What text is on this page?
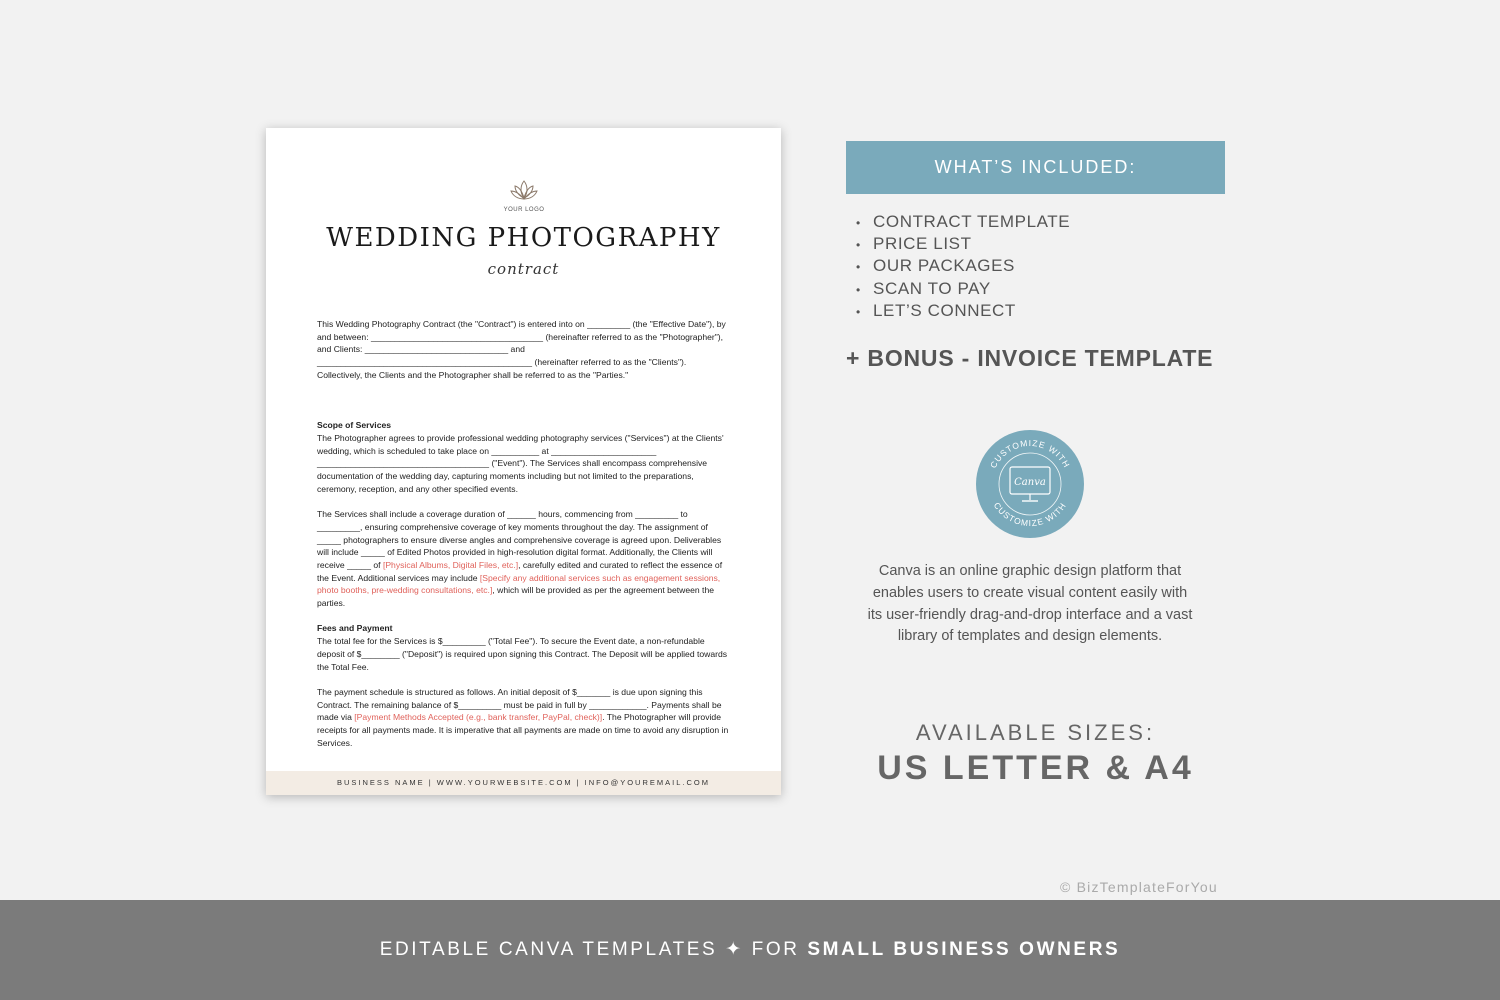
YOUR LOGO
WEDDING PHOTOGRAPHY
contract

This Wedding Photography Contract (the "Contract") is entered into on _________ (the "Effective Date"), by and between: ____________________________________ (hereinafter referred to as the "Photographer"), and Clients: ______________________________ and _____________________________________________ (hereinafter referred to as the "Clients"). Collectively, the Clients and the Photographer shall be referred to as the "Parties."

Scope of Services

The Photographer agrees to provide professional wedding photography services ("Services") at the Clients' wedding, which is scheduled to take place on __________ at ______________________ ____________________________________ ("Event"). The Services shall encompass comprehensive documentation of the wedding day, capturing moments including but not limited to the preparations, ceremony, reception, and any other specified events.

The Services shall include a coverage duration of ______ hours, commencing from _________ to _________, ensuring comprehensive coverage of key moments throughout the day. The assignment of _____ photographers to ensure diverse angles and comprehensive coverage is agreed upon. Deliverables will include _____ of Edited Photos provided in high-resolution digital format. Additionally, the Clients will receive _____ of [Physical Albums, Digital Files, etc.], carefully edited and curated to reflect the essence of the Event. Additional services may include [Specify any additional services such as engagement sessions, photo booths, pre-wedding consultations, etc.], which will be provided as per the agreement between the parties.

Fees and Payment

The total fee for the Services is $_________ ("Total Fee"). To secure the Event date, a non-refundable deposit of $________ ("Deposit") is required upon signing this Contract. The Deposit will be applied towards the Total Fee.

The payment schedule is structured as follows. An initial deposit of $_______ is due upon signing this Contract. The remaining balance of $_________ must be paid in full by ____________. Payments shall be made via [Payment Methods Accepted (e.g., bank transfer, PayPal, check)]. The Photographer will provide receipts for all payments made. It is imperative that all payments are made on time to avoid any disruption in Services.

BUSINESS NAME | WWW.YOURWEBSITE.COM | INFO@YOUREMAIL.COM
WHAT’S INCLUDED:
• CONTRACT TEMPLATE
• PRICE LIST
• OUR PACKAGES
• SCAN TO PAY
• LET’S CONNECT
+ BONUS - INVOICE TEMPLATE
CUSTOMIZE WITH
CUSTOMIZE WITH
Canva
Canva is an online graphic design platform that enables users to create visual content easily with its user-friendly drag-and-drop interface and a vast library of templates and design elements.
AVAILABLE SIZES:
US LETTER & A4
© BizTemplateForYou
EDITABLE CANVA TEMPLATES ✦ FOR SMALL BUSINESS OWNERS
